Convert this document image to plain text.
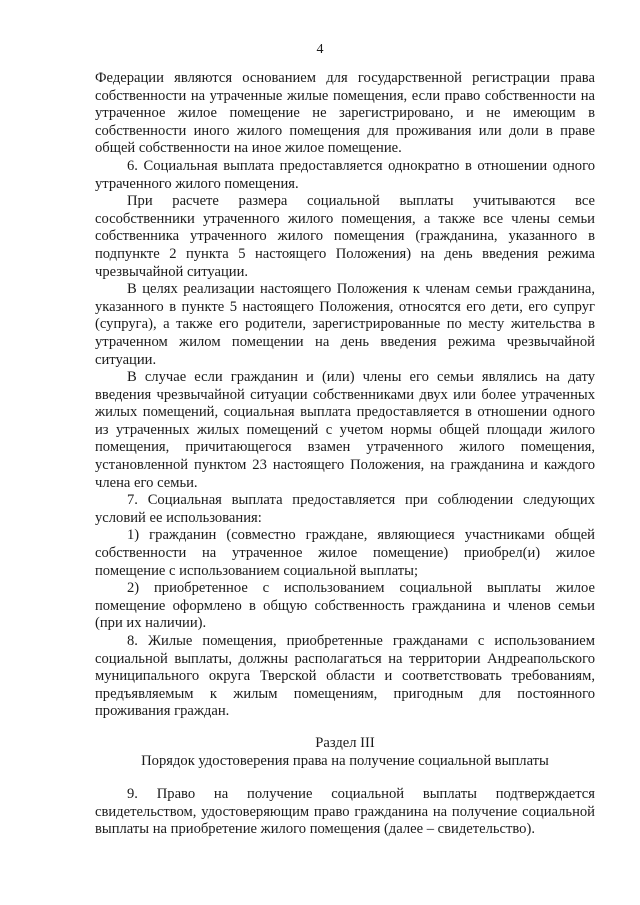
4

Федерации являются основанием для государственной регистрации права собственности на утраченные жилые помещения, если право собственности на утраченное жилое помещение не зарегистрировано, и не имеющим в собственности иного жилого помещения для проживания или доли в праве общей собственности на иное жилое помещение.

6. Социальная выплата предоставляется однократно в отношении одного утраченного жилого помещения.

При расчете размера социальной выплаты учитываются все сособственники утраченного жилого помещения, а также все члены семьи собственника утраченного жилого помещения (гражданина, указанного в подпункте 2 пункта 5 настоящего Положения) на день введения режима чрезвычайной ситуации.

В целях реализации настоящего Положения к членам семьи гражданина, указанного в пункте 5 настоящего Положения, относятся его дети, его супруг (супруга), а также его родители, зарегистрированные по месту жительства в утраченном жилом помещении на день введения режима чрезвычайной ситуации.

В случае если гражданин и (или) члены его семьи являлись на дату введения чрезвычайной ситуации собственниками двух или более утраченных жилых помещений, социальная выплата предоставляется в отношении одного из утраченных жилых помещений с учетом нормы общей площади жилого помещения, причитающегося взамен утраченного жилого помещения, установленной пунктом 23 настоящего Положения, на гражданина и каждого члена его семьи.

7. Социальная выплата предоставляется при соблюдении следующих условий ее использования:

1) гражданин (совместно граждане, являющиеся участниками общей собственности на утраченное жилое помещение) приобрел(и) жилое помещение с использованием социальной выплаты;

2) приобретенное с использованием социальной выплаты жилое помещение оформлено в общую собственность гражданина и членов семьи (при их наличии).

8. Жилые помещения, приобретенные гражданами с использованием социальной выплаты, должны располагаться на территории Андреапольского муниципального округа Тверской области и соответствовать требованиям, предъявляемым к жилым помещениям, пригодным для постоянного проживания граждан.

Раздел III

Порядок удостоверения права на получение социальной выплаты

9. Право на получение социальной выплаты подтверждается свидетельством, удостоверяющим право гражданина на получение социальной выплаты на приобретение жилого помещения (далее – свидетельство).
